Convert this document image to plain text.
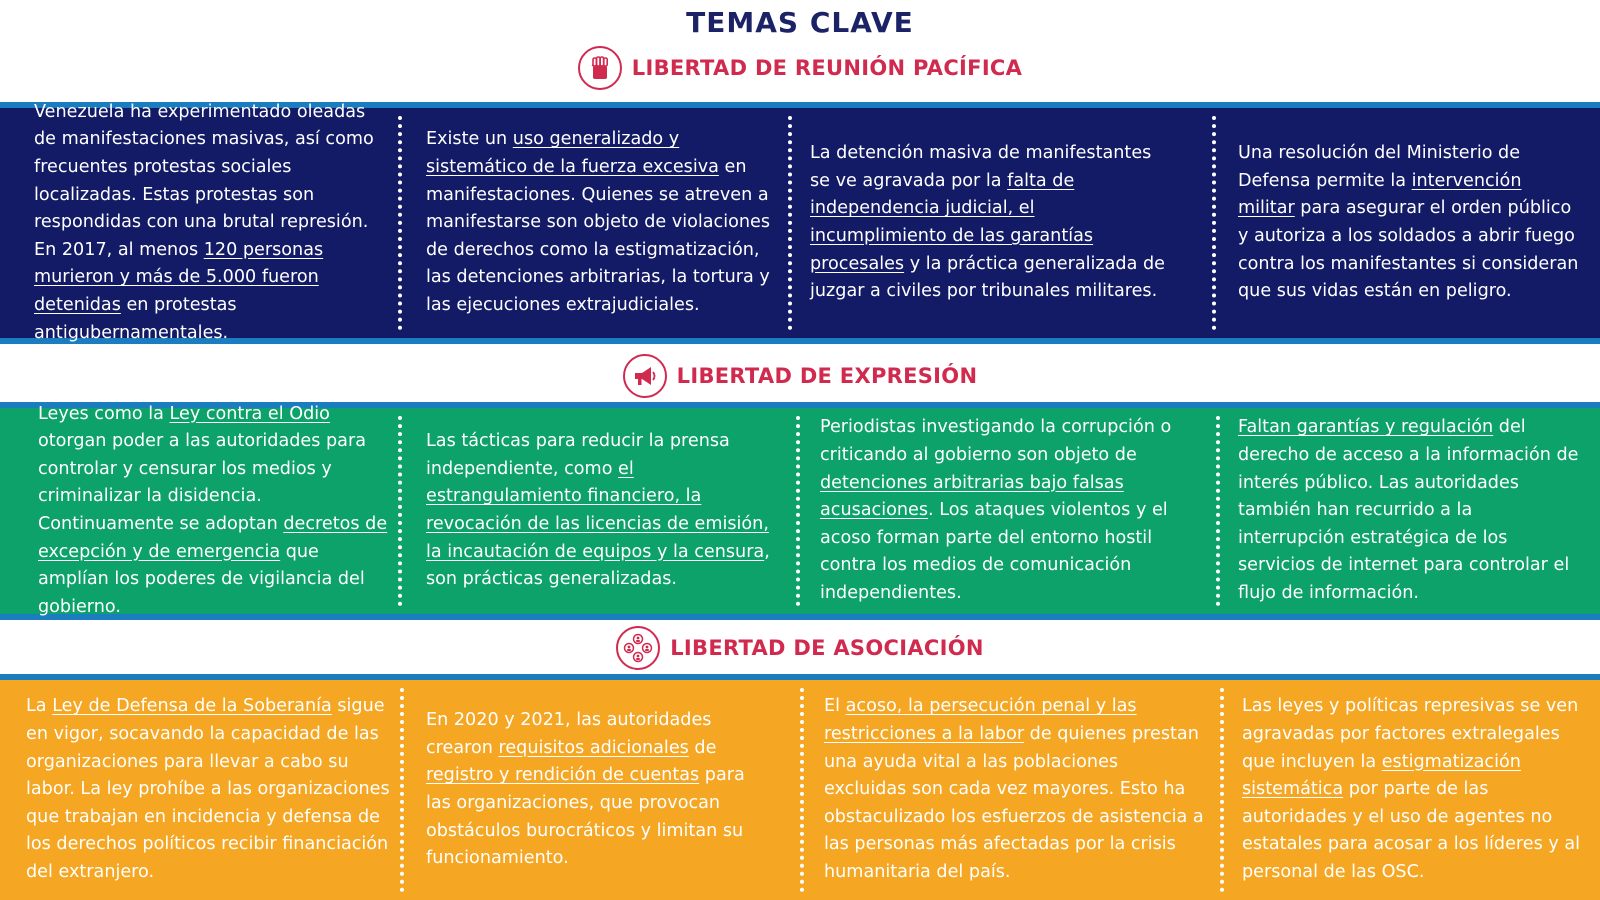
TEMAS CLAVE
LIBERTAD DE REUNIÓN PACÍFICA

Venezuela ha experimentado oleadas de manifestaciones masivas, así como frecuentes protestas sociales localizadas. Estas protestas son respondidas con una brutal represión. En 2017, al menos 120 personas murieron y más de 5.000 fueron detenidas en protestas antigubernamentales.

Existe un uso generalizado y sistemático de la fuerza excesiva en manifestaciones. Quienes se atreven a manifestarse son objeto de violaciones de derechos como la estigmatización, las detenciones arbitrarias, la tortura y las ejecuciones extrajudiciales.

La detención masiva de manifestantes se ve agravada por la falta de independencia judicial, el incumplimiento de las garantías procesales y la práctica generalizada de juzgar a civiles por tribunales militares.

Una resolución del Ministerio de Defensa permite la intervención militar para asegurar el orden público y autoriza a los soldados a abrir fuego contra los manifestantes si consideran que sus vidas están en peligro.

LIBERTAD DE EXPRESIÓN

Leyes como la Ley contra el Odio otorgan poder a las autoridades para controlar y censurar los medios y criminalizar la disidencia. Continuamente se adoptan decretos de excepción y de emergencia que amplían los poderes de vigilancia del gobierno.

Las tácticas para reducir la prensa independiente, como el estrangulamiento financiero, la revocación de las licencias de emisión, la incautación de equipos y la censura, son prácticas generalizadas.

Periodistas investigando la corrupción o criticando al gobierno son objeto de detenciones arbitrarias bajo falsas acusaciones. Los ataques violentos y el acoso forman parte del entorno hostil contra los medios de comunicación independientes.

Faltan garantías y regulación del derecho de acceso a la información de interés público. Las autoridades también han recurrido a la interrupción estratégica de los servicios de internet para controlar el flujo de información.

LIBERTAD DE ASOCIACIÓN

La Ley de Defensa de la Soberanía sigue en vigor, socavando la capacidad de las organizaciones para llevar a cabo su labor. La ley prohíbe a las organizaciones que trabajan en incidencia y defensa de los derechos políticos recibir financiación del extranjero.

En 2020 y 2021, las autoridades crearon requisitos adicionales de registro y rendición de cuentas para las organizaciones, que provocan obstáculos burocráticos y limitan su funcionamiento.

El acoso, la persecución penal y las restricciones a la labor de quienes prestan una ayuda vital a las poblaciones excluidas son cada vez mayores. Esto ha obstaculizado los esfuerzos de asistencia a las personas más afectadas por la crisis humanitaria del país.

Las leyes y políticas represivas se ven agravadas por factores extralegales que incluyen la estigmatización sistemática por parte de las autoridades y el uso de agentes no estatales para acosar a los líderes y al personal de las OSC.
